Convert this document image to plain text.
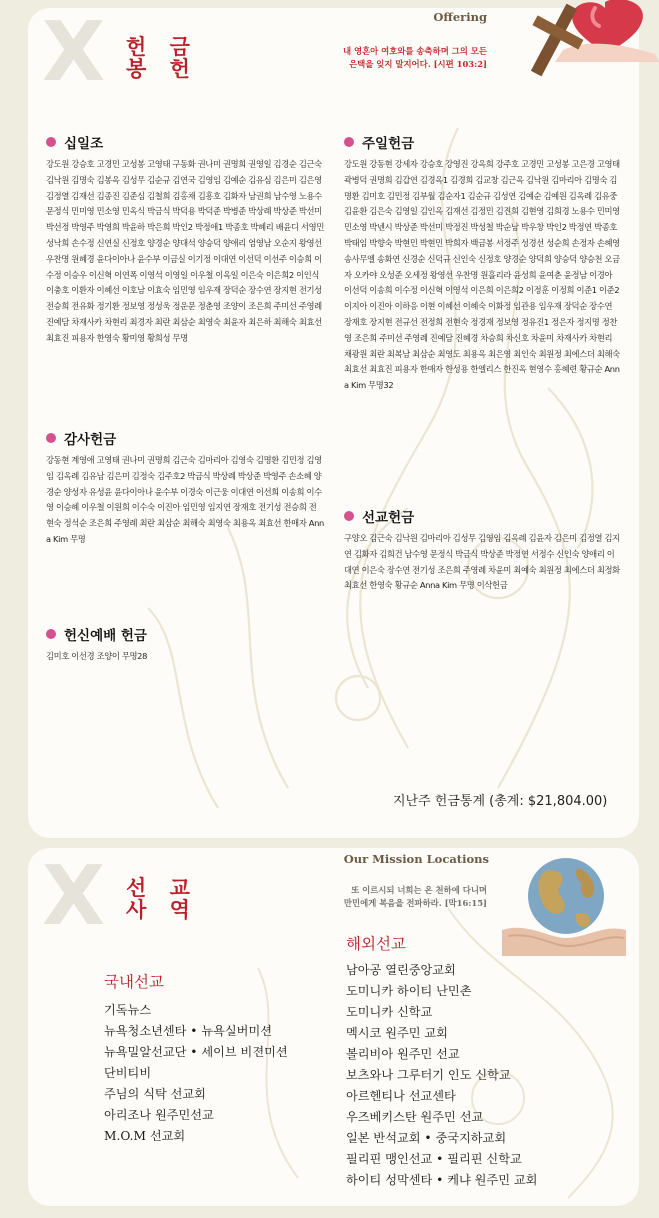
Offering
십일조
강도원 강승호 고경민 고성봉 고영태 구동화 권나미 권명희 권영일 김경순 김근숙 김낙원 김명숙 김봉옥 김성무 김순규 김연국 김영임 김예순 김유심 김은미 김은영 김정열 김재선 김종진 김준심 김철희 김홍채 김흥호 김화자 남권희 남수영 노용수 문정식 민미영 민소영 민옥식 박금식 박덕용 박덕준 박병준 박상례 박상준 박선미 박선정 박영주 박영희 박윤하 박은희 박인2 박정애1 박종호 박혜리 배윤디 서영민 성낙희 손수정 신연실 신정호 양경순 양대석 양승덕 양애리 엄영남 오순지 왕영선 우찬명 원혜경 윤다이아나 윤수부 이금실 이기정 이대연 이선덕 이선주 이승희 이수정 이승우 이신혁 이연폭 이영석 이영일 이우철 이옥일 이은숙 이은희2 이인식 이충호 이환자 이혜선 이호남 이효숙 임민영 임우재 장덕순 장수연 장지현 전기성 전승희 전유화 정기환 정보영 정성욱 정운문 정춘영 조양이 조은희 주미선 주영례 진예담 차재사카 차현리 최경자 최란 최삼순 최영숙 최윤자 최은하 최해숙 최효선 최효진 피용자 한영숙 황미영 황희성 무명
감사헌금
강동현 계영애 고영태 권나미 권명희 김근숙 김마리아 김영숙 김명환 김민정 김영임 김옥례 김유남 김은미 김정숙 김주호2 박금식 박상례 박상준 박영주 손소혜 양경순 양성자 유성윤 윤다이아나 윤수부 이경숙 이근웅 이대연 이선희 이송희 이수영 이승혜 이우철 이원희 이수숙 이진아 임민영 임지연 장재호 전기성 전승희 전현숙 정석순 조은희 주영례 최란 최삼순 최해숙 최영숙 최용옥 최효선 한매자 Anna Kim 무명
헌신예배 헌금
김미호 이선경 조양이 무명28
주일헌금
강도원 강동현 강세자 강승호 강영진 강옥희 강주호 고경민 고성봉 고은경 고영태 곽병덕 권명희 김갑연 김경옥1 김경희 김교창 김근옥 김낙원 김마리아 김명숙 김명환 김미호 김민정 김부월 김순자1 김순규 김성연 김예순 김예원 김옥례 김유중 김윤환 김은숙 김영일 김인옥 김재선 김정민 김진희 김현영 김희경 노용수 민미영 민소영 박넨시 박상준 박선미 박정진 박성철 박순남 박우창 박인2 박정연 박종호 박태임 박향숙 박현민 박현민 박희자 백금봉 서정주 성경선 성순희 손정자 손혜영 송사무엘 송화연 신경순 신덕규 신인숙 신정호 양경순 양덕희 양승덕 양승천 오금자 오카야 오성준 오세정 왕영선 우찬명 원흘리라 윤성희 윤여춘 윤정남 이경아 이선덕 이송희 이수정 이신혁 이영석 이은희 이은희2 이정훈 이정희 이준1 이준2 이지아 이진아 이하응 이현 이혜선 이혜숙 이화정 임관용 임우재 장덕순 장수연 장재호 장지현 전규선 전정희 전현숙 정경재 정보영 정유진1 정은자 정지명 정찬영 조은희 주미선 주영례 진예담 진혜경 차승희 차신호 차윤미 차재사카 차현리 채광원 최란 최복남 최삼순 최영도 최용옥 최은영 최인숙 최원정 최에스더 최해숙 최효선 최효진 피용자 한매자 한성용 한엘리스 한진옥 현영수 홍혜련 황규순 Anna Kim 무명32
선교헌금
구양오 김근숙 김낙원 김마리아 김성무 김영임 김옥례 김윤자 김은미 김정열 김지연 김화자 김희건 남수영 문정식 박금식 박상준 박정연 서정수 신인숙 양애리 이대연 이은숙 장수연 전기성 조은희 주영례 차윤미 최예숙 최원정 최에스더 최정화 최효선 한영숙 황규순 Anna Kim 무명 이삭헌금
지난주 헌금통계 (총계: $21,804.00)
X 헌 금
봉 헌
내 영혼아 여호와를 송축하며 그의 모든
은택을 잊지 말지어다. [시편 103:2]
Our Mission Locations
X 선 교
사 역
또 이르시되 너희는 온 천하에 다니며
만민에게 복음을 전파하라. [막16:15]
국내선교
기독뉴스
뉴욕청소년센타 • 뉴욕실버미션
뉴욕밀알선교단 • 세이브 비젼미션
단비티비
주님의 식탁 선교회
아리조나 원주민선교
M.O.M 선교회
해외선교
남아공 열린중앙교회
도미니카 하이티 난민촌
도미니카 신학교
멕시코 원주민 교회
볼리비아 원주민 선교
보츠와나 그루터기 인도 신학교
아르헨티나 선교센타
우즈베키스탄 원주민 선교
일본 반석교회 • 중국지하교회
필리핀 맹인선교 • 필리핀 신학교
하이티 성막센타 • 케냐 원주민 교회
